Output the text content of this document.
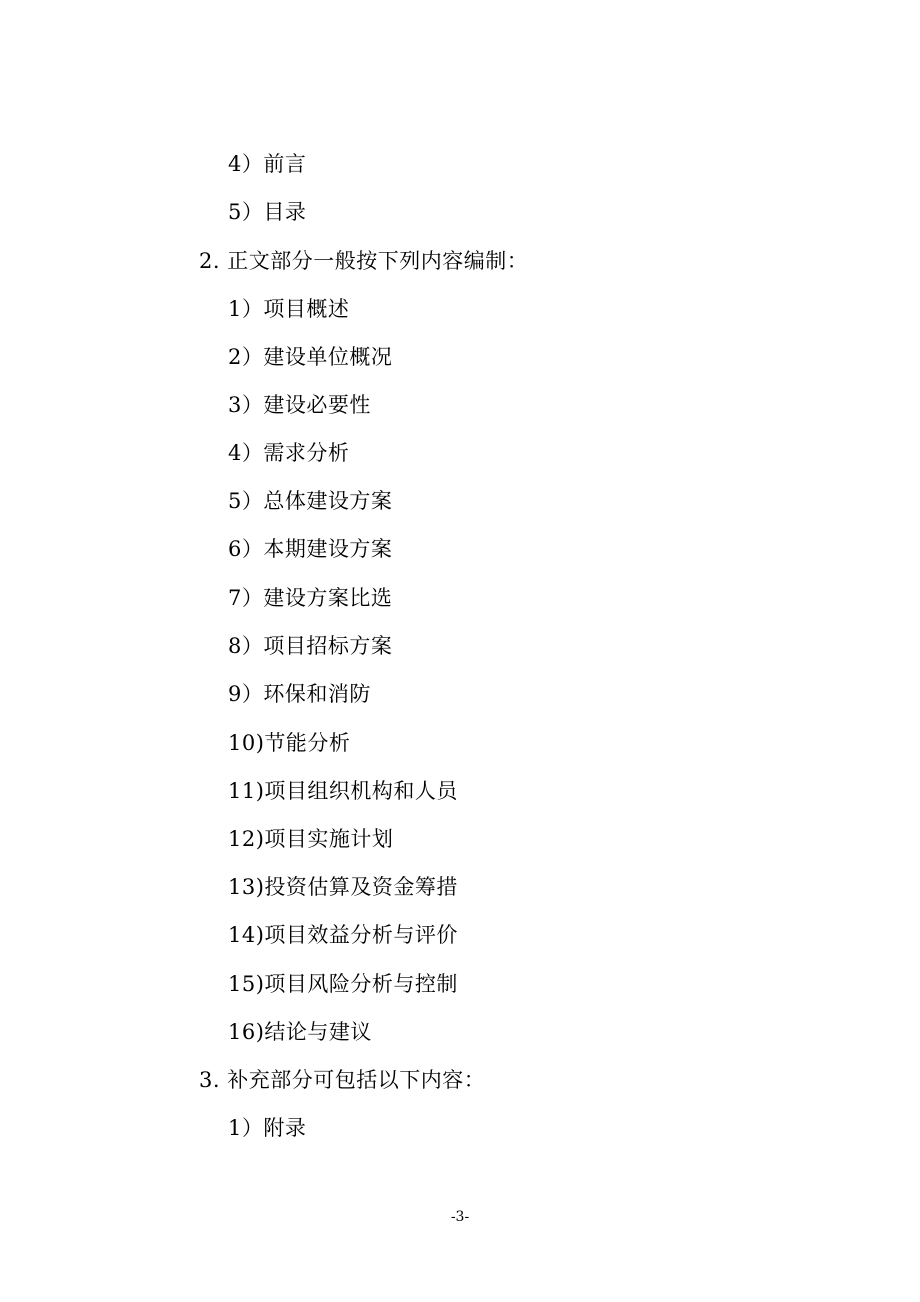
4）前言
5）目录
2. 正文部分一般按下列内容编制：
1）项目概述
2）建设单位概况
3）建设必要性
4）需求分析
5）总体建设方案
6）本期建设方案
7）建设方案比选
8）项目招标方案
9）环保和消防
10)节能分析
11)项目组织机构和人员
12)项目实施计划
13)投资估算及资金筹措
14)项目效益分析与评价
15)项目风险分析与控制
16)结论与建议
3. 补充部分可包括以下内容：
1）附录
-3-
